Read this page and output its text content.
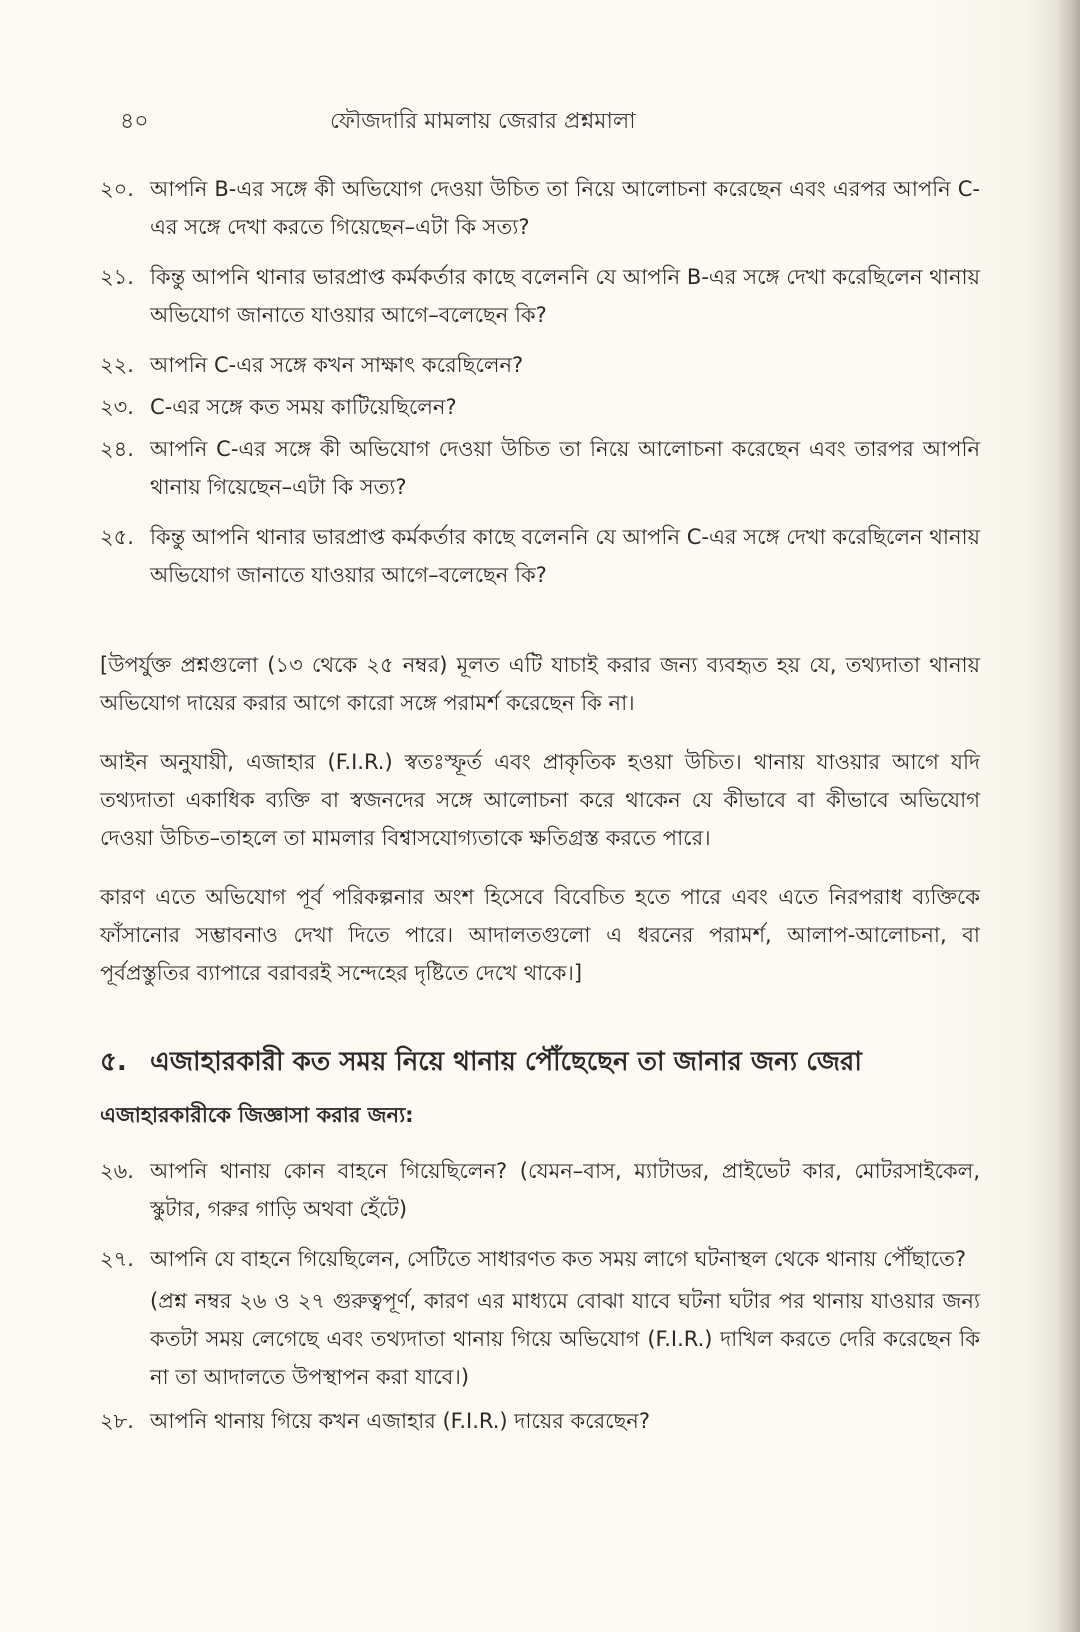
৪০	ফৌজদারি মামলায় জেরার প্রশ্নমালা
২০. আপনি B-এর সঙ্গে কী অভিযোগ দেওয়া উচিত তা নিয়ে আলোচনা করেছেন এবং এরপর আপনি C-এর সঙ্গে দেখা করতে গিয়েছেন–এটা কি সত্য?
২১. কিন্তু আপনি থানার ভারপ্রাপ্ত কর্মকর্তার কাছে বলেননি যে আপনি B-এর সঙ্গে দেখা করেছিলেন থানায় অভিযোগ জানাতে যাওয়ার আগে–বলেছেন কি?
২২. আপনি C-এর সঙ্গে কখন সাক্ষাৎ করেছিলেন?
২৩. C-এর সঙ্গে কত সময় কাটিয়েছিলেন?
২৪. আপনি C-এর সঙ্গে কী অভিযোগ দেওয়া উচিত তা নিয়ে আলোচনা করেছেন এবং তারপর আপনি থানায় গিয়েছেন–এটা কি সত্য?
২৫. কিন্তু আপনি থানার ভারপ্রাপ্ত কর্মকর্তার কাছে বলেননি যে আপনি C-এর সঙ্গে দেখা করেছিলেন থানায় অভিযোগ জানাতে যাওয়ার আগে–বলেছেন কি?

[উপর্যুক্ত প্রশ্নগুলো (১৩ থেকে ২৫ নম্বর) মূলত এটি যাচাই করার জন্য ব্যবহৃত হয় যে, তথ্যদাতা থানায় অভিযোগ দায়ের করার আগে কারো সঙ্গে পরামর্শ করেছেন কি না।

আইন অনুযায়ী, এজাহার (F.I.R.) স্বতঃস্ফূর্ত এবং প্রাকৃতিক হওয়া উচিত। থানায় যাওয়ার আগে যদি তথ্যদাতা একাধিক ব্যক্তি বা স্বজনদের সঙ্গে আলোচনা করে থাকেন যে কীভাবে বা কীভাবে অভিযোগ দেওয়া উচিত–তাহলে তা মামলার বিশ্বাসযোগ্যতাকে ক্ষতিগ্রস্ত করতে পারে।

কারণ এতে অভিযোগ পূর্ব পরিকল্পনার অংশ হিসেবে বিবেচিত হতে পারে এবং এতে নিরপরাধ ব্যক্তিকে ফাঁসানোর সম্ভাবনাও দেখা দিতে পারে। আদালতগুলো এ ধরনের পরামর্শ, আলাপ-আলোচনা, বা পূর্বপ্রস্তুতির ব্যাপারে বরাবরই সন্দেহের দৃষ্টিতে দেখে থাকে।]

৫. এজাহারকারী কত সময় নিয়ে থানায় পৌঁছেছেন তা জানার জন্য জেরা
এজাহারকারীকে জিজ্ঞাসা করার জন্য:
২৬. আপনি থানায় কোন বাহনে গিয়েছিলেন? (যেমন–বাস, ম্যাটাডর, প্রাইভেট কার, মোটরসাইকেল, স্কুটার, গরুর গাড়ি অথবা হেঁটে)
২৭. আপনি যে বাহনে গিয়েছিলেন, সেটিতে সাধারণত কত সময় লাগে ঘটনাস্থল থেকে থানায় পৌঁছাতে?
(প্রশ্ন নম্বর ২৬ ও ২৭ গুরুত্বপূর্ণ, কারণ এর মাধ্যমে বোঝা যাবে ঘটনা ঘটার পর থানায় যাওয়ার জন্য কতটা সময় লেগেছে এবং তথ্যদাতা থানায় গিয়ে অভিযোগ (F.I.R.) দাখিল করতে দেরি করেছেন কি না তা আদালতে উপস্থাপন করা যাবে।)
২৮. আপনি থানায় গিয়ে কখন এজাহার (F.I.R.) দায়ের করেছেন?
